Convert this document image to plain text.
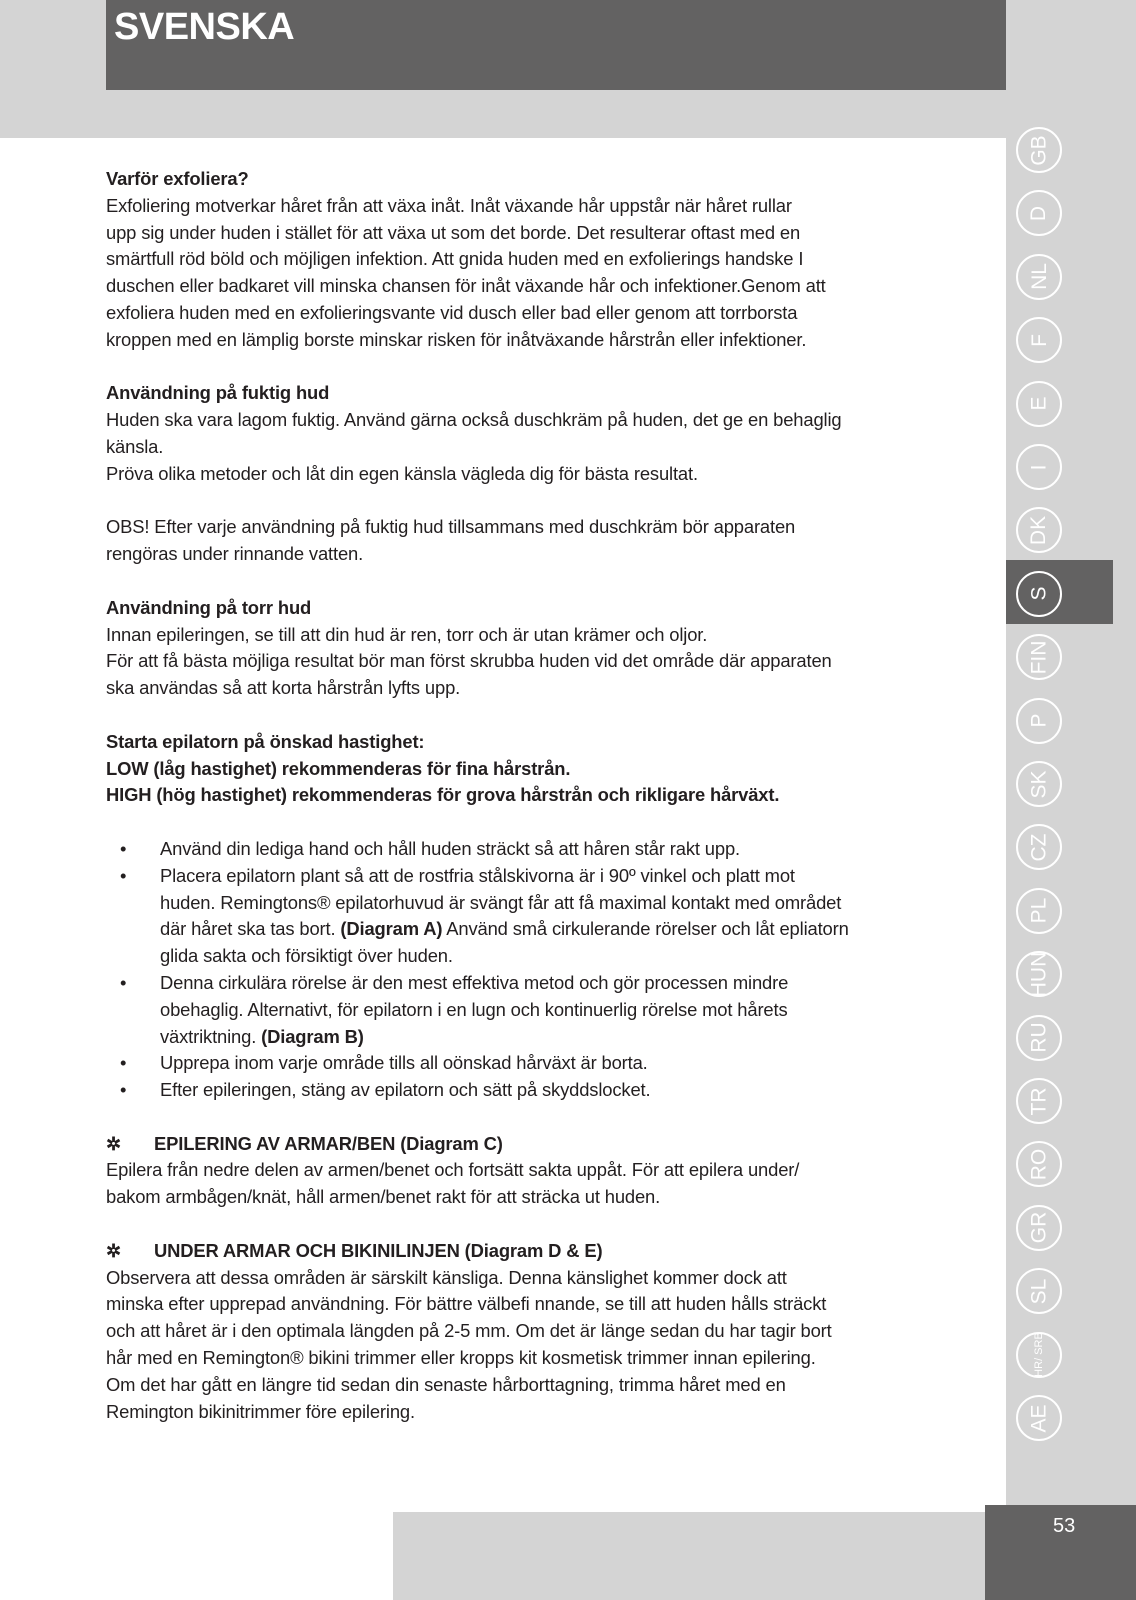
SVENSKA
GB
D
NL
F
E
I
DK
S
FIN
P
SK
CZ
PL
HUN
RU
TR
RO
GR
SL
HR/ SRB
AE
53
Varför exfoliera?
Exfoliering motverkar håret från att växa inåt. Inåt växande hår uppstår när håret rullar
upp sig under huden i stället för att växa ut som det borde. Det resulterar oftast med en
smärtfull röd böld och möjligen infektion. Att gnida huden med en exfolierings handske I
duschen eller badkaret vill minska chansen för inåt växande hår och infektioner.Genom att
exfoliera huden med en exfolieringsvante vid dusch eller bad eller genom att torrborsta
kroppen med en lämplig borste minskar risken för inåtväxande hårstrån eller infektioner.
Användning på fuktig hud
Huden ska vara lagom fuktig. Använd gärna också duschkräm på huden, det ge en behaglig
känsla.
Pröva olika metoder och låt din egen känsla vägleda dig för bästa resultat.
OBS! Efter varje användning på fuktig hud tillsammans med duschkräm bör apparaten
rengöras under rinnande vatten.
Användning på torr hud
Innan epileringen, se till att din hud är ren, torr och är utan krämer och oljor.
För att få bästa möjliga resultat bör man först skrubba huden vid det område där apparaten
ska användas så att korta hårstrån lyfts upp.
Starta epilatorn på önskad hastighet:
LOW (låg hastighet) rekommenderas för fina hårstrån.
HIGH (hög hastighet) rekommenderas för grova hårstrån och rikligare hårväxt.
• Använd din lediga hand och håll huden sträckt så att håren står rakt upp.
• Placera epilatorn plant så att de rostfria stålskivorna är i 90º vinkel och platt mot
huden. Remingtons® epilatorhuvud är svängt får att få maximal kontakt med området
där håret ska tas bort. (Diagram A) Använd små cirkulerande rörelser och låt epliatorn
glida sakta och försiktigt över huden.
• Denna cirkulära rörelse är den mest effektiva metod och gör processen mindre
obehaglig. Alternativt, för epilatorn i en lugn och kontinuerlig rörelse mot hårets
växtriktning. (Diagram B)
• Upprepa inom varje område tills all oönskad hårväxt är borta.
• Efter epileringen, stäng av epilatorn och sätt på skyddslocket.
✲ EPILERING AV ARMAR/BEN (Diagram C)
Epilera från nedre delen av armen/benet och fortsätt sakta uppåt. För att epilera under/
bakom armbågen/knät, håll armen/benet rakt för att sträcka ut huden.
✲ UNDER ARMAR OCH BIKINILINJEN (Diagram D & E)
Observera att dessa områden är särskilt känsliga. Denna känslighet kommer dock att
minska efter upprepad användning. För bättre välbefi nnande, se till att huden hålls sträckt
och att håret är i den optimala längden på 2-5 mm. Om det är länge sedan du har tagir bort
hår med en Remington® bikini trimmer eller kropps kit kosmetisk trimmer innan epilering.
Om det har gått en längre tid sedan din senaste hårborttagning, trimma håret med en
Remington bikinitrimmer före epilering.
